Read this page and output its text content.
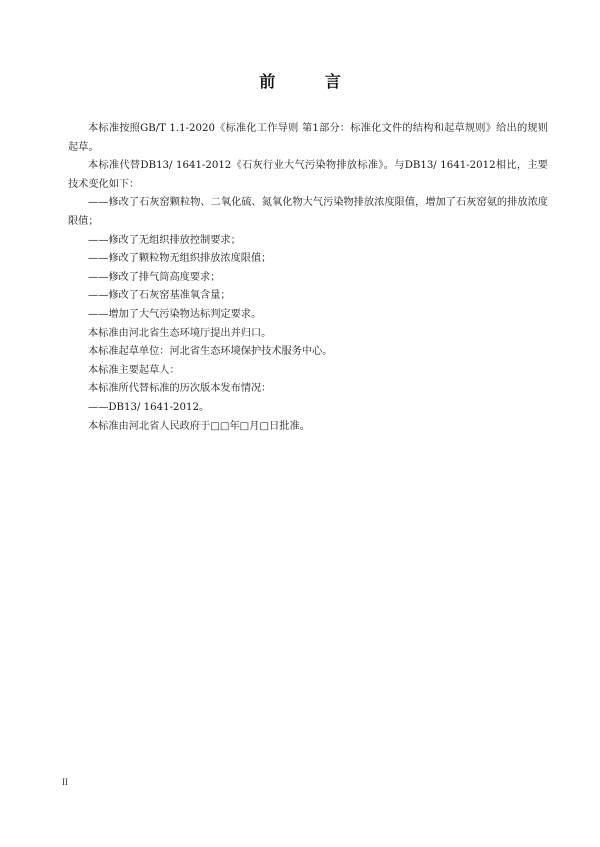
前 言

本标准按照GB/T 1.1-2020《标准化工作导则 第1部分：标准化文件的结构和起草规则》给出的规则起草。

本标准代替DB13/ 1641-2012《石灰行业大气污染物排放标准》。与DB13/ 1641-2012相比，主要技术变化如下：

——修改了石灰窑颗粒物、二氧化硫、氮氧化物大气污染物排放浓度限值，增加了石灰窑氨的排放浓度限值；

——修改了无组织排放控制要求；

——修改了颗粒物无组织排放浓度限值；

——修改了排气筒高度要求；

——修改了石灰窑基准氧含量；

——增加了大气污染物达标判定要求。

本标准由河北省生态环境厅提出并归口。

本标准起草单位：河北省生态环境保护技术服务中心。

本标准主要起草人：

本标准所代替标准的历次版本发布情况：

——DB13/ 1641-2012。

本标准由河北省人民政府于□□年□月□日批准。

II
